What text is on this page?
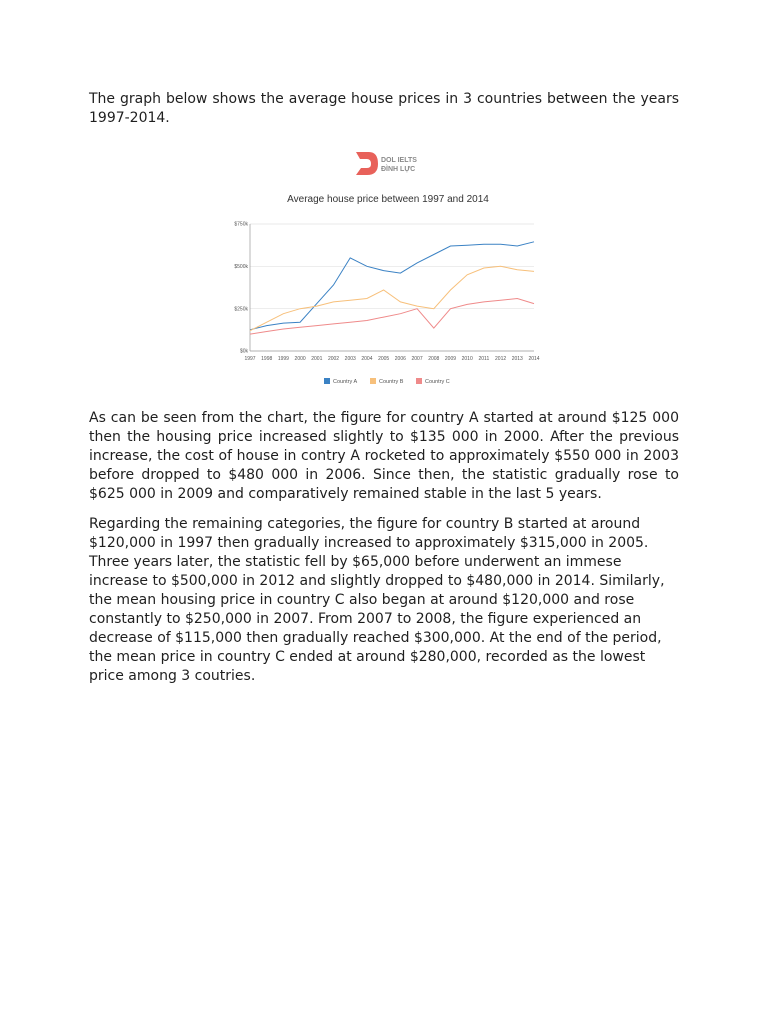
The graph below shows the average house prices in 3 countries between the years 1997-2014.

DOL IELTS
ĐÌNH LỰC
Average house price between 1997 and 2014
$0k
$250k
$500k
$750k
1997 1998 1999 2000 2001 2002 2003 2004 2005 2006 2007 2008 2009 2010 2011 2012 2013 2014
Country A	Country B	Country C

As can be seen from the chart, the figure for country A started at around $125 000 then the housing price increased slightly to $135 000 in 2000. After the previous increase, the cost of house in contry A rocketed to approximately $550 000 in 2003 before dropped to $480 000 in 2006. Since then, the statistic gradually rose to $625 000 in 2009 and comparatively remained stable in the last 5 years.

Regarding the remaining categories, the figure for country B started at around $120,000 in 1997 then gradually increased to approximately $315,000 in 2005. Three years later, the statistic fell by $65,000 before underwent an immese increase to $500,000 in 2012 and slightly dropped to $480,000 in 2014. Similarly, the mean housing price in country C also began at around $120,000 and rose constantly to $250,000 in 2007. From 2007 to 2008, the figure experienced an decrease of $115,000 then gradually reached $300,000. At the end of the period, the mean price in country C ended at around $280,000, recorded as the lowest price among 3 coutries.
